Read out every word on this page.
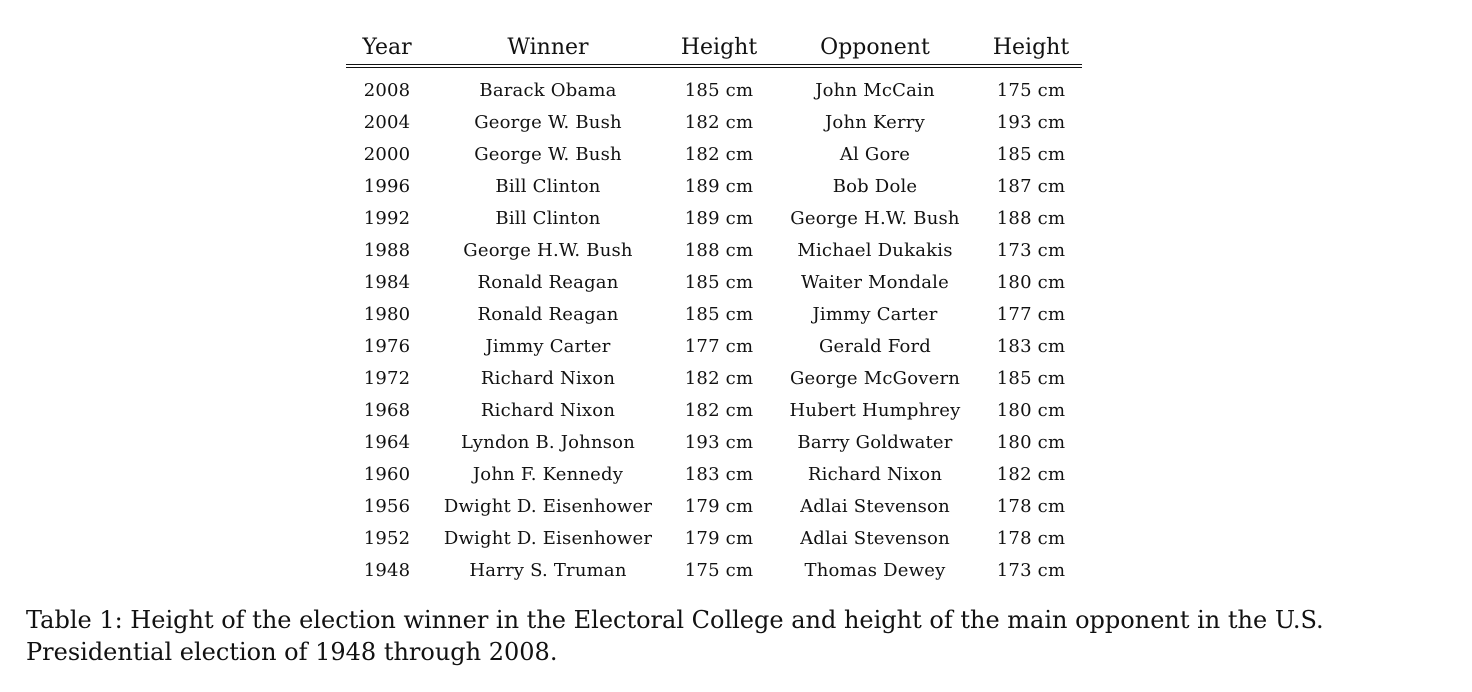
Year	Winner	Height	Opponent	Height
2008	Barack Obama	185 cm	John McCain	175 cm
2004	George W. Bush	182 cm	John Kerry	193 cm
2000	George W. Bush	182 cm	Al Gore	185 cm
1996	Bill Clinton	189 cm	Bob Dole	187 cm
1992	Bill Clinton	189 cm	George H.W. Bush	188 cm
1988	George H.W. Bush	188 cm	Michael Dukakis	173 cm
1984	Ronald Reagan	185 cm	Waiter Mondale	180 cm
1980	Ronald Reagan	185 cm	Jimmy Carter	177 cm
1976	Jimmy Carter	177 cm	Gerald Ford	183 cm
1972	Richard Nixon	182 cm	George McGovern	185 cm
1968	Richard Nixon	182 cm	Hubert Humphrey	180 cm
1964	Lyndon B. Johnson	193 cm	Barry Goldwater	180 cm
1960	John F. Kennedy	183 cm	Richard Nixon	182 cm
1956	Dwight D. Eisenhower	179 cm	Adlai Stevenson	178 cm
1952	Dwight D. Eisenhower	179 cm	Adlai Stevenson	178 cm
1948	Harry S. Truman	175 cm	Thomas Dewey	173 cm
Table 1: Height of the election winner in the Electoral College and height of the main opponent in the U.S. Presidential election of 1948 through 2008.
